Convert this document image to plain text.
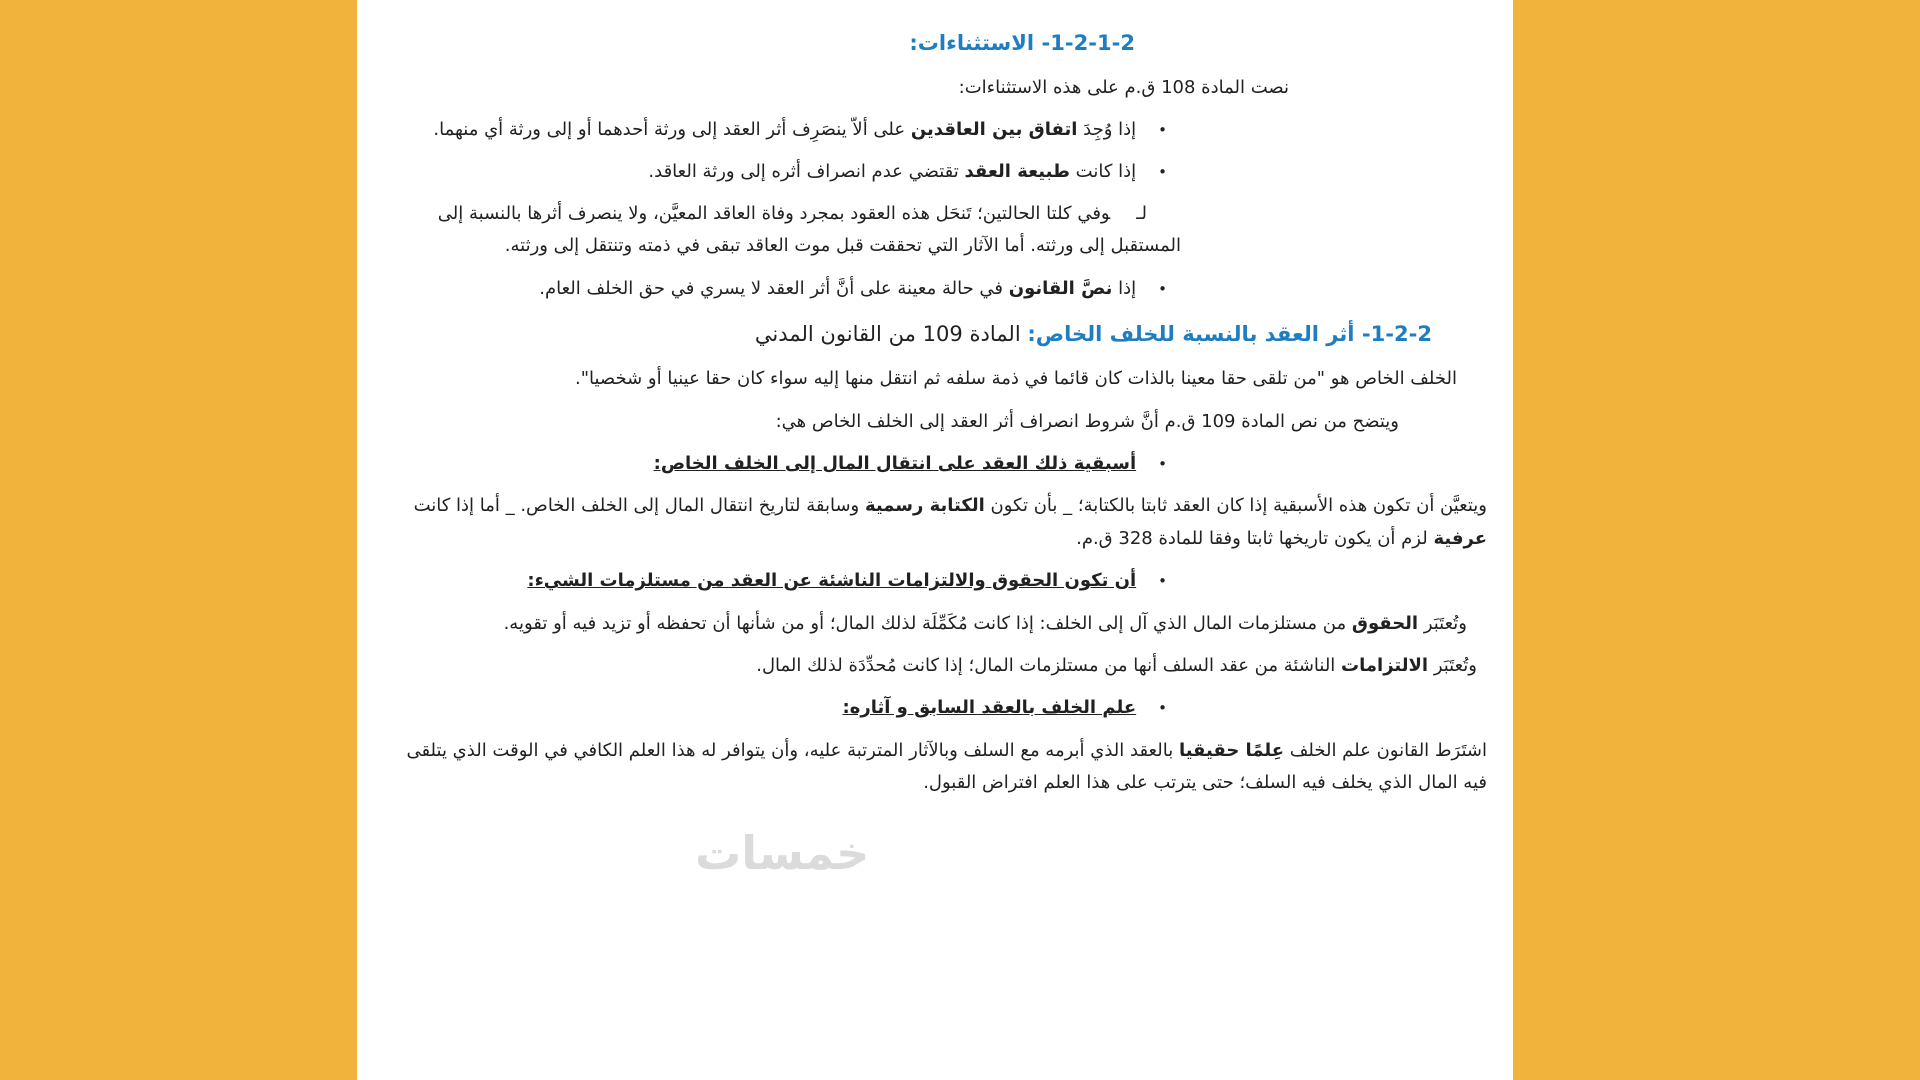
1-2-1-2- الاستثناءات:

نصت المادة 108 ق.م على هذه الاستثناءات:

•
إذا وُجِدَ اتفاق بين العاقدين على ألاّ ينصَرِف أثر العقد إلى ورثة أحدهما أو إلى ورثة أي منهما.
•
إذا كانت طبيعة العقد تقتضي عدم انصراف أثره إلى ورثة العاقد.

لـوفي كلتا الحالتين؛ تَنحَل هذه العقود بمجرد وفاة العاقد المعيَّن، ولا ينصرف أثرها بالنسبة إلى المستقبل إلى ورثته. أما الآثار التي تحققت قبل موت العاقد تبقى في ذمته وتنتقل إلى ورثته.

•
إذا نصَّ القانون في حالة معينة على أنَّ أثر العقد لا يسري في حق الخلف العام.
1-2-2- أثر العقد بالنسبة للخلف الخاص: المادة 109 من القانون المدني

الخلف الخاص هو "من تلقى حقا معينا بالذات كان قائما في ذمة سلفه ثم انتقل منها إليه سواء كان حقا عينيا أو شخصيا".

ويتضح من نص المادة 109 ق.م أنَّ شروط انصراف أثر العقد إلى الخلف الخاص هي:

•
أسبقية ذلك العقد على انتقال المال إلى الخلف الخاص:

ويتعيَّن أن تكون هذه الأسبقية إذا كان العقد ثابتا بالكتابة؛ _ بأن تكون الكتابة رسمية وسابقة لتاريخ انتقال المال إلى الخلف الخاص. _ أما إذا كانت عرفية لزم أن يكون تاريخها ثابتا وفقا للمادة 328 ق.م.

•
أن تكون الحقوق والالتزامات الناشئة عن العقد من مستلزمات الشيء:

وتُعتَبَر الحقوق من مستلزمات المال الذي آل إلى الخلف: إذا كانت مُكَمِّلَة لذلك المال؛ أو من شأنها أن تحفظه أو تزيد فيه أو تقويه.

وتُعتَبَر الالتزامات الناشئة من عقد السلف أنها من مستلزمات المال؛ إذا كانت مُحدِّدَة لذلك المال.

•
علم الخلف بالعقد السابق و آثاره:

اشتَرَط القانون علم الخلف عِلمًا حقيقيا بالعقد الذي أبرمه مع السلف وبالآثار المترتبة عليه، وأن يتوافر له هذا العلم الكافي في الوقت الذي يتلقى فيه المال الذي يخلف فيه السلف؛ حتى يترتب على هذا العلم افتراض القبول.

خمسات
